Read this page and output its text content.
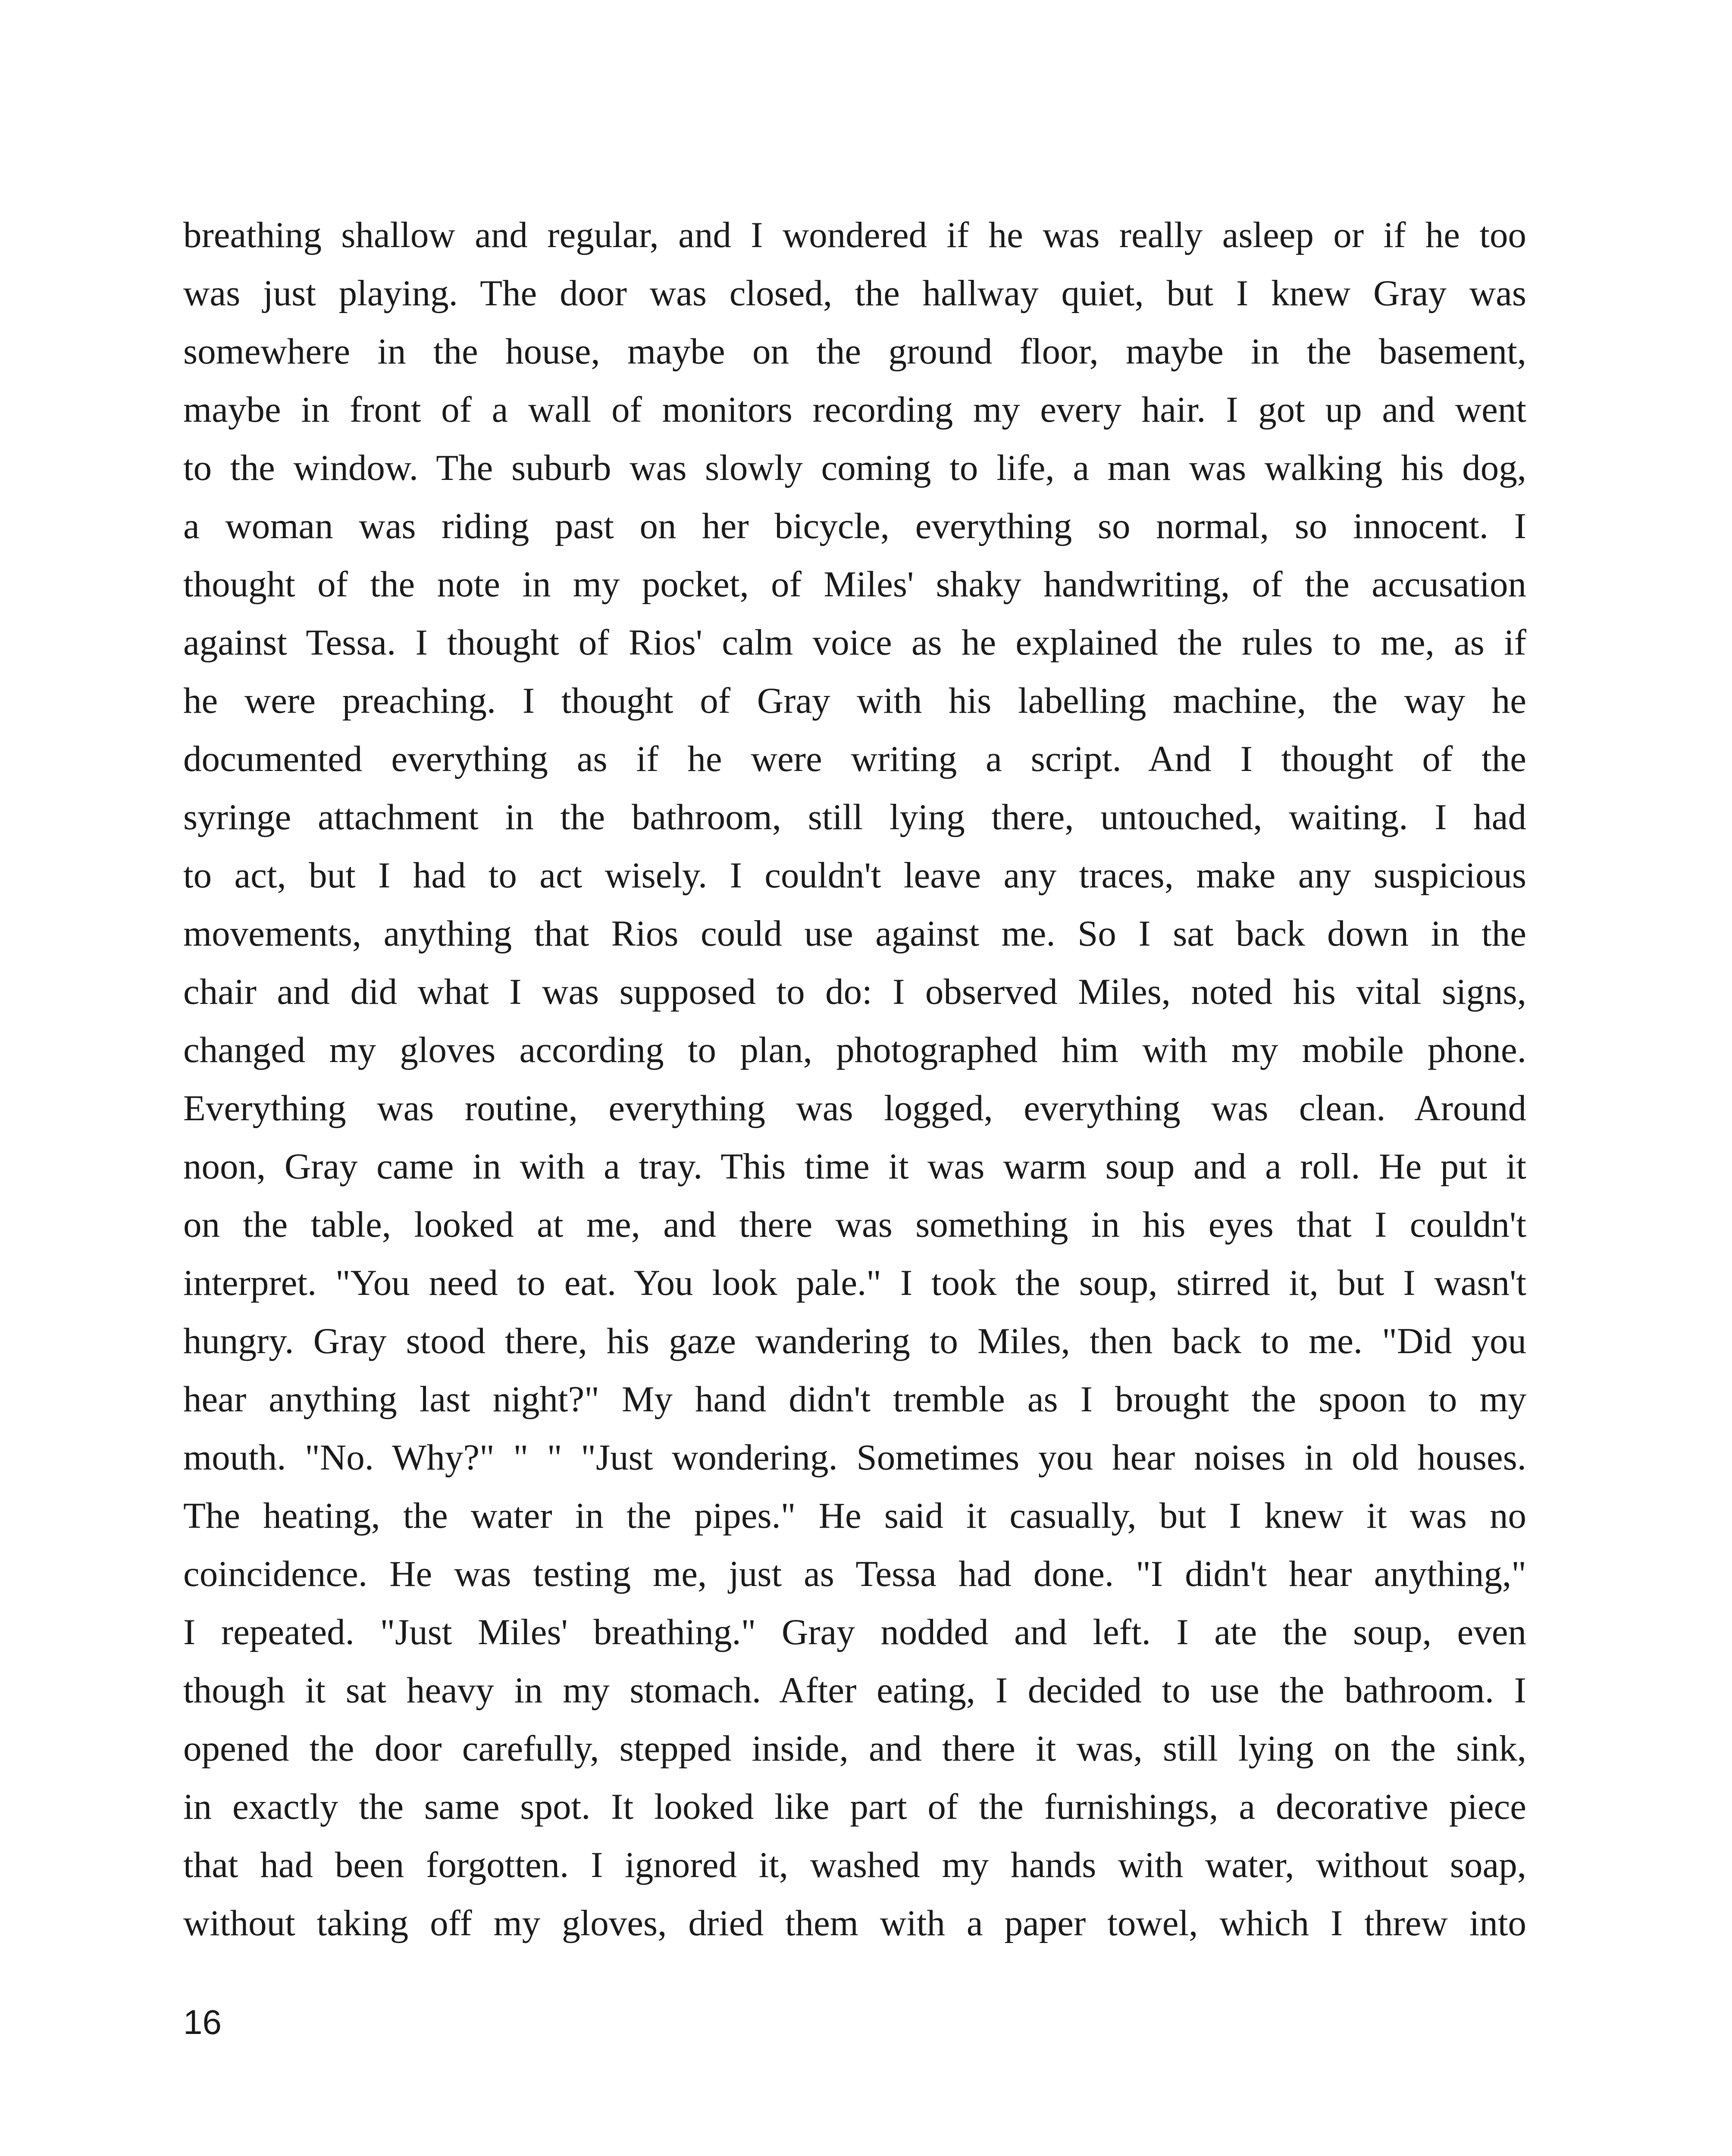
breathing shallow and regular, and I wondered if he was really asleep or if he too
was just playing. The door was closed, the hallway quiet, but I knew Gray was
somewhere in the house, maybe on the ground floor, maybe in the basement,
maybe in front of a wall of monitors recording my every hair. I got up and went
to the window. The suburb was slowly coming to life, a man was walking his dog,
a woman was riding past on her bicycle, everything so normal, so innocent. I
thought of the note in my pocket, of Miles' shaky handwriting, of the accusation
against Tessa. I thought of Rios' calm voice as he explained the rules to me, as if
he were preaching. I thought of Gray with his labelling machine, the way he
documented everything as if he were writing a script. And I thought of the
syringe attachment in the bathroom, still lying there, untouched, waiting. I had
to act, but I had to act wisely. I couldn't leave any traces, make any suspicious
movements, anything that Rios could use against me. So I sat back down in the
chair and did what I was supposed to do: I observed Miles, noted his vital signs,
changed my gloves according to plan, photographed him with my mobile phone.
Everything was routine, everything was logged, everything was clean. Around
noon, Gray came in with a tray. This time it was warm soup and a roll. He put it
on the table, looked at me, and there was something in his eyes that I couldn't
interpret. "You need to eat. You look pale." I took the soup, stirred it, but I wasn't
hungry. Gray stood there, his gaze wandering to Miles, then back to me. "Did you
hear anything last night?" My hand didn't tremble as I brought the spoon to my
mouth. "No. Why?" " " "Just wondering. Sometimes you hear noises in old houses.
The heating, the water in the pipes." He said it casually, but I knew it was no
coincidence. He was testing me, just as Tessa had done. "I didn't hear anything,"
I repeated. "Just Miles' breathing." Gray nodded and left. I ate the soup, even
though it sat heavy in my stomach. After eating, I decided to use the bathroom. I
opened the door carefully, stepped inside, and there it was, still lying on the sink,
in exactly the same spot. It looked like part of the furnishings, a decorative piece
that had been forgotten. I ignored it, washed my hands with water, without soap,
without taking off my gloves, dried them with a paper towel, which I threw into

16
